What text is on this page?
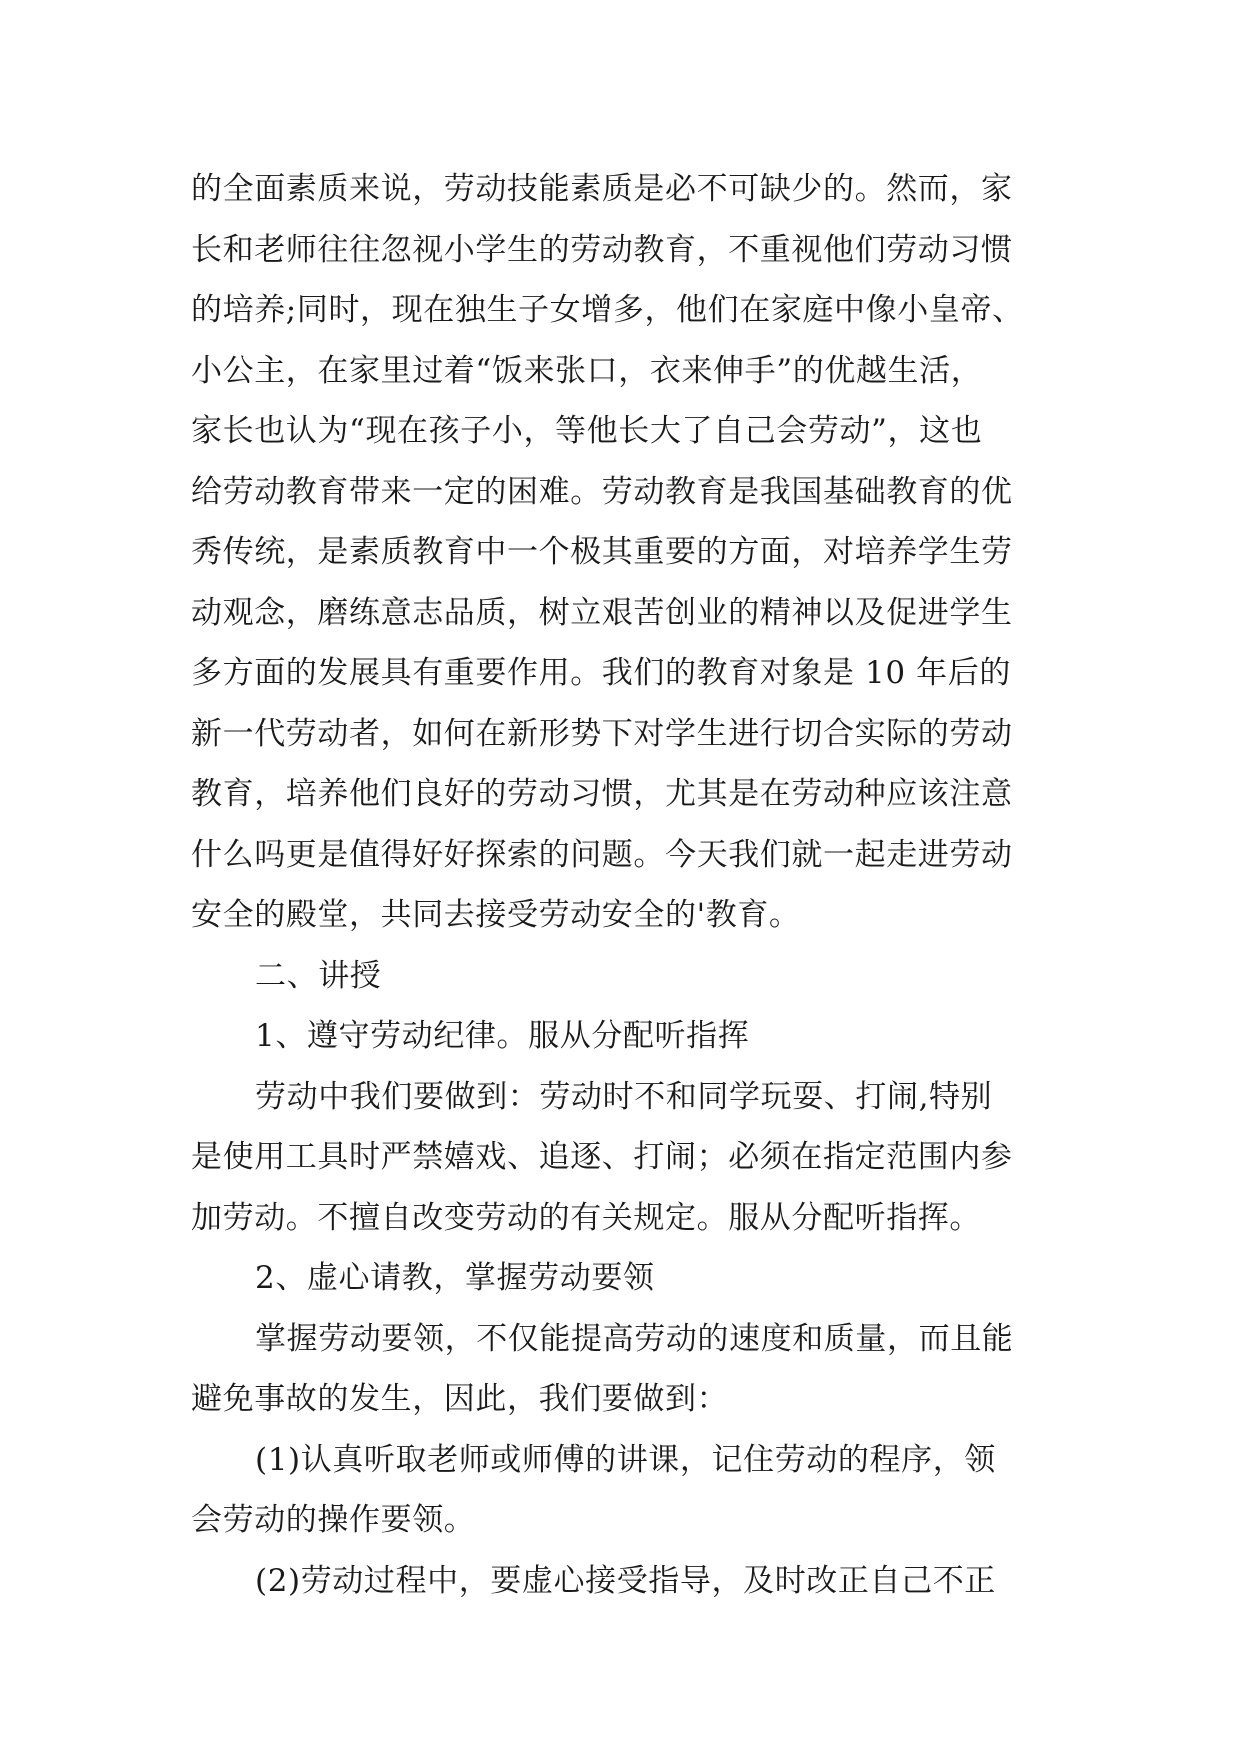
的全面素质来说，劳动技能素质是必不可缺少的。然而，家
长和老师往往忽视小学生的劳动教育，不重视他们劳动习惯
的培养;同时，现在独生子女增多，他们在家庭中像小皇帝、
小公主，在家里过着“饭来张口，衣来伸手”的优越生活，
家长也认为“现在孩子小，等他长大了自己会劳动”，这也
给劳动教育带来一定的困难。劳动教育是我国基础教育的优
秀传统，是素质教育中一个极其重要的方面，对培养学生劳
动观念，磨练意志品质，树立艰苦创业的精神以及促进学生
多方面的发展具有重要作用。我们的教育对象是 10 年后的
新一代劳动者，如何在新形势下对学生进行切合实际的劳动
教育，培养他们良好的劳动习惯，尤其是在劳动种应该注意
什么吗更是值得好好探索的问题。今天我们就一起走进劳动
安全的殿堂，共同去接受劳动安全的'教育。
二、讲授
1、遵守劳动纪律。服从分配听指挥
劳动中我们要做到：劳动时不和同学玩耍、打闹,特别
是使用工具时严禁嬉戏、追逐、打闹；必须在指定范围内参
加劳动。不擅自改变劳动的有关规定。服从分配听指挥。
2、虚心请教，掌握劳动要领
掌握劳动要领，不仅能提高劳动的速度和质量，而且能
避免事故的发生，因此，我们要做到：
(1)认真听取老师或师傅的讲课，记住劳动的程序，领
会劳动的操作要领。
(2)劳动过程中，要虚心接受指导，及时改正自己不正
